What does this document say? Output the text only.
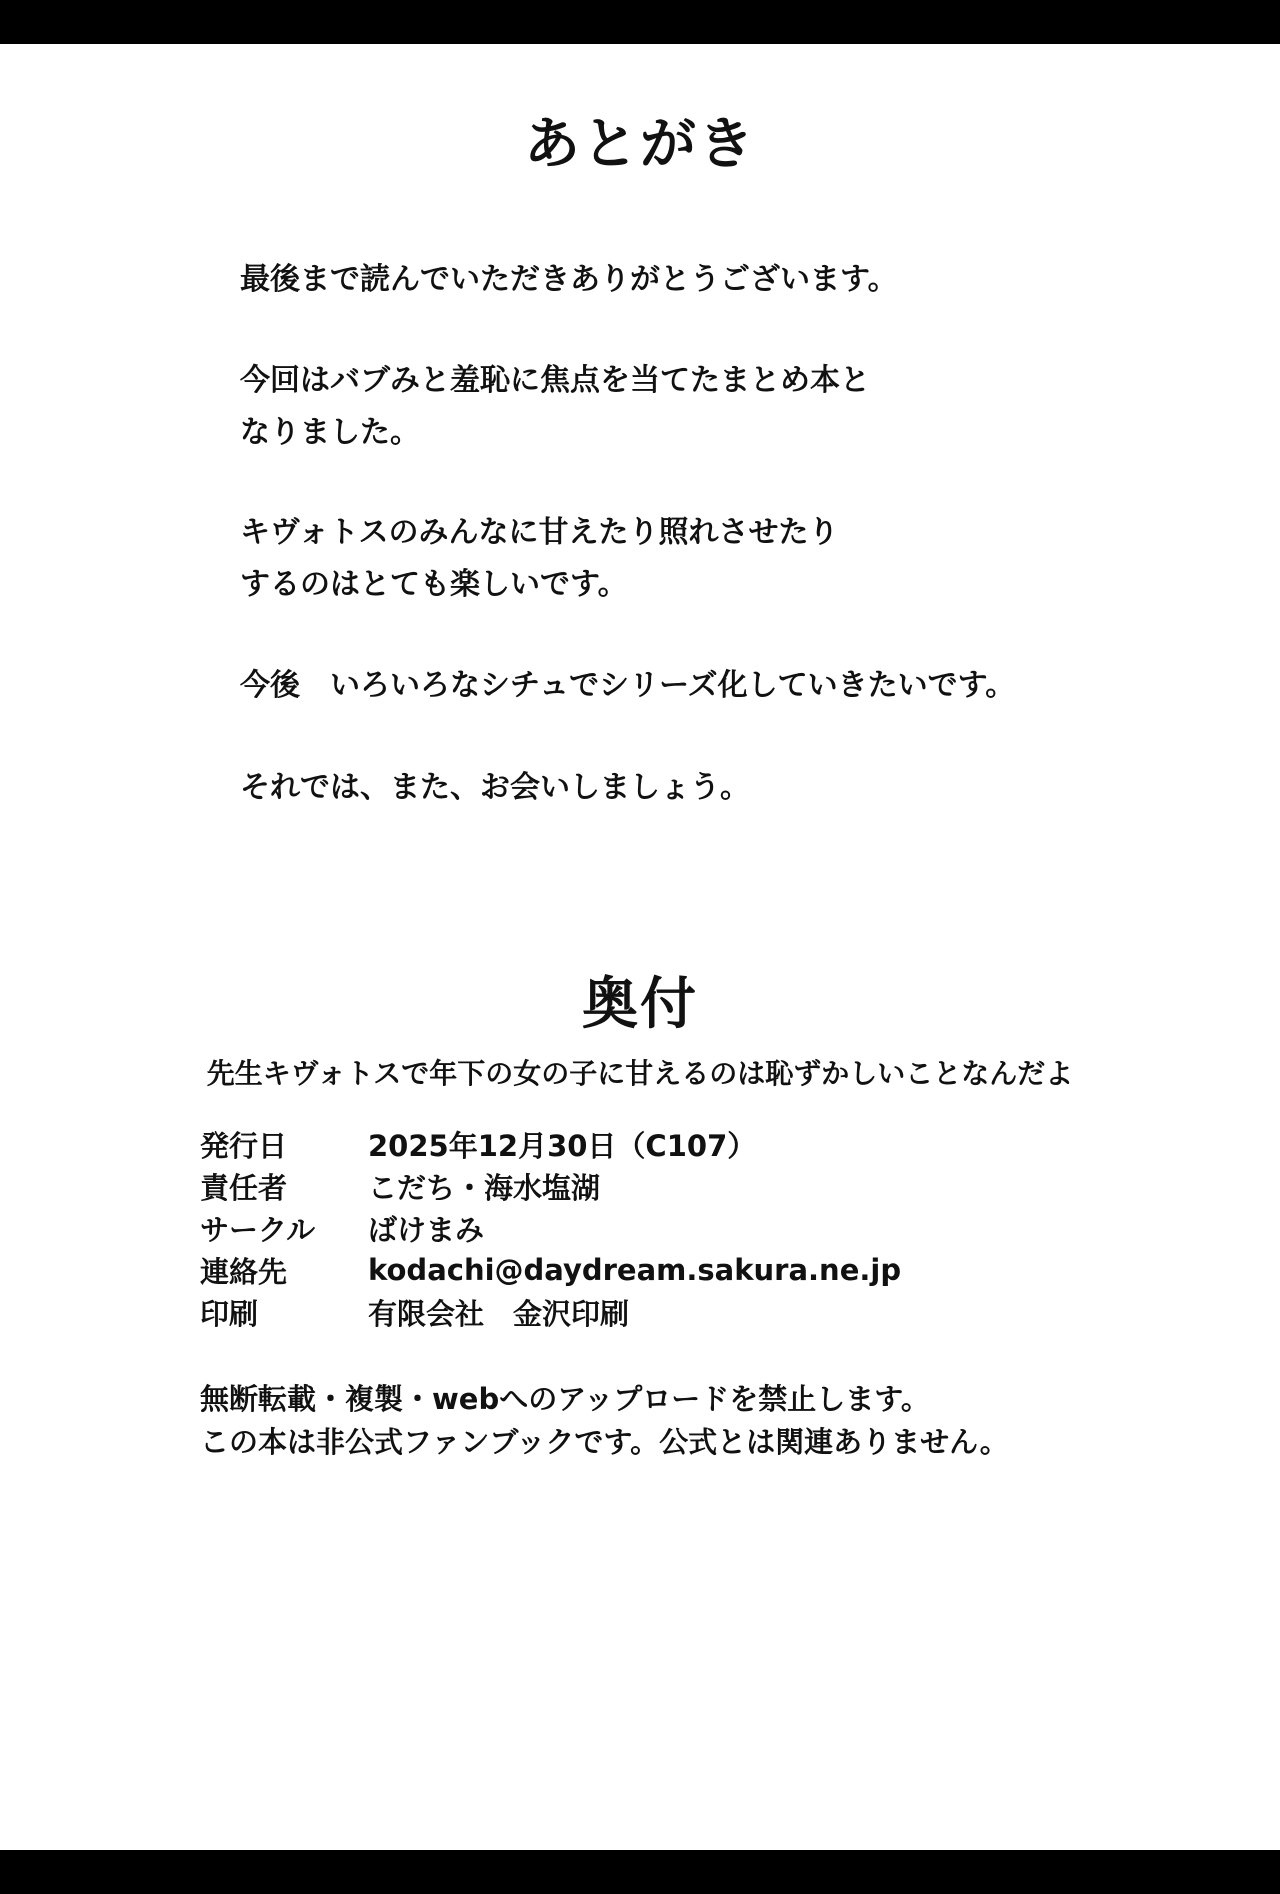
あとがき
最後まで読んでいただきありがとうございます。
今回はバブみと羞恥に焦点を当てたまとめ本と
なりました。
キヴォトスのみんなに甘えたり照れさせたり
するのはとても楽しいです。
今後　いろいろなシチュでシリーズ化していきたいです。
それでは、また、お会いしましょう。
奥付
先生キヴォトスで年下の女の子に甘えるのは恥ずかしいことなんだよ
発行日	2025年12月30日（C107）
責任者	こだち・海水塩湖
サークル	ばけまみ
連絡先	kodachi@daydream.sakura.ne.jp
印刷	有限会社　金沢印刷
無断転載・複製・webへのアップロードを禁止します。
この本は非公式ファンブックです。公式とは関連ありません。
